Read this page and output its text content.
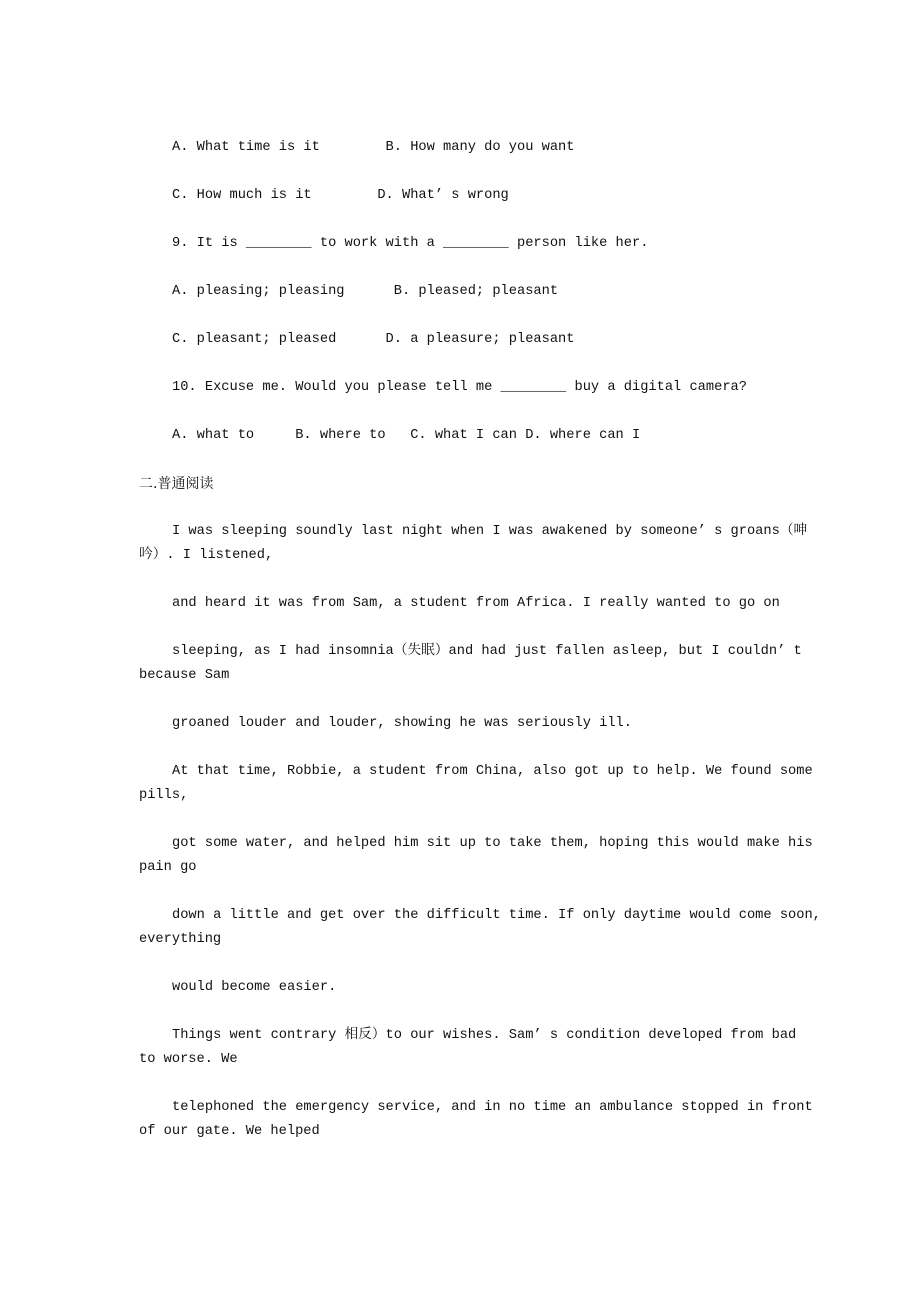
A. What time is it        B. How many do you want
C. How much is it        D. What’ s wrong
9. It is ________ to work with a ________ person like her.
A. pleasing; pleasing      B. pleased; pleasant
C. pleasant; pleased      D. a pleasure; pleasant
10. Excuse me. Would you please tell me ________ buy a digital camera?
A. what to     B. where to   C. what I can D. where can I
二.普通阅读
I was sleeping soundly last night when I was awakened by someone’ s groans（呻
吟）. I listened,
and heard it was from Sam, a student from Africa. I really wanted to go on
sleeping, as I had insomnia（失眠）and had just fallen asleep, but I couldn’ t
because Sam
groaned louder and louder, showing he was seriously ill.
At that time, Robbie, a student from China, also got up to help. We found some
pills,
got some water, and helped him sit up to take them, hoping this would make his
pain go
down a little and get over the difficult time. If only daytime would come soon,
everything
would become easier.
Things went contrary 相反）to our wishes. Sam’ s condition developed from bad
to worse. We
telephoned the emergency service, and in no time an ambulance stopped in front
of our gate. We helped
